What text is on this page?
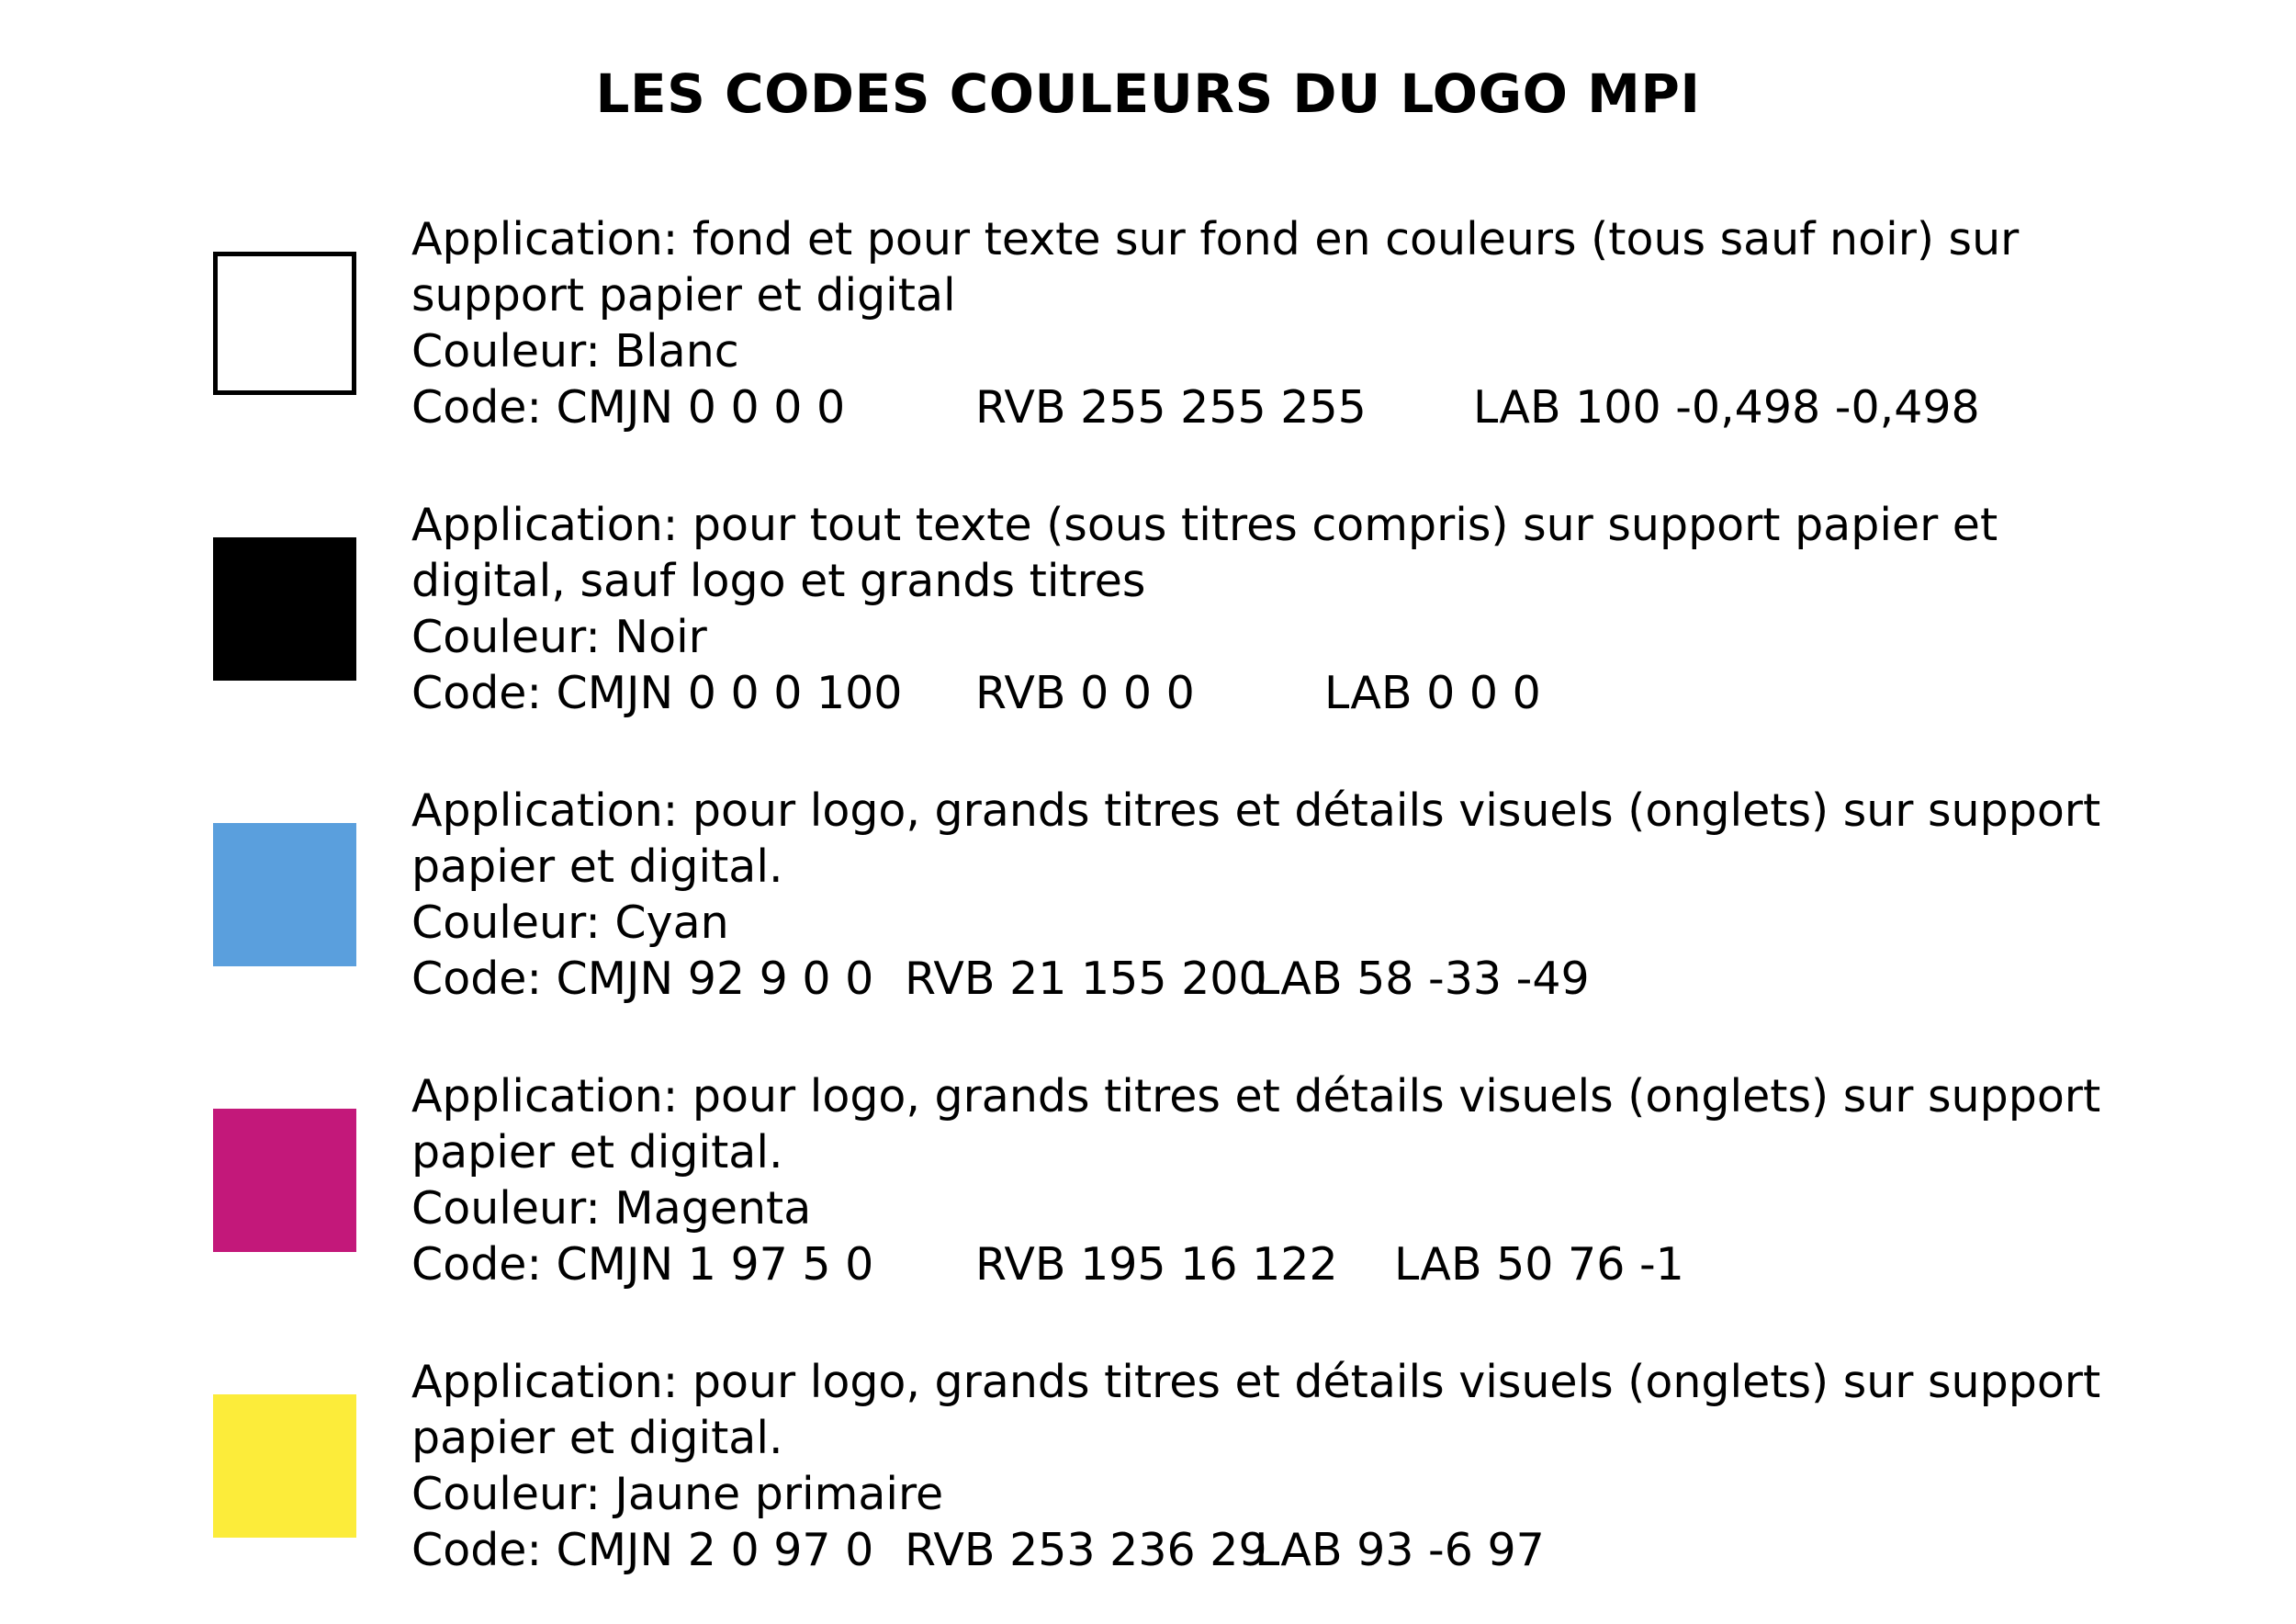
LES CODES COULEURS DU LOGO MPI
Application: fond et pour texte sur fond en couleurs (tous sauf noir) sur
support papier et digital
Couleur: Blanc
Code: CMJN 0 0 0 0	RVB 255 255 255 LAB 100 -0,498 -0,498
Application: pour tout texte (sous titres compris) sur support papier et
digital, sauf logo et grands titres
Couleur: Noir
Code: CMJN 0 0 0 100 RVB 0 0 0	LAB 0 0 0
Application: pour logo, grands titres et détails visuels (onglets) sur support
papier et digital.
Couleur: Cyan
Code: CMJN 92 9 0 0 RVB 21 155 200
LAB 58 -33 -49
Application: pour logo, grands titres et détails visuels (onglets) sur support
papier et digital.
Couleur: Magenta
Code: CMJN 1 97 5 0 RVB 195 16 122 LAB 50 76 -1
Application: pour logo, grands titres et détails visuels (onglets) sur support
papier et digital.
Couleur: Jaune primaire
Code: CMJN 2 0 97 0 RVB 253 236 29
LAB 93 -6 97
